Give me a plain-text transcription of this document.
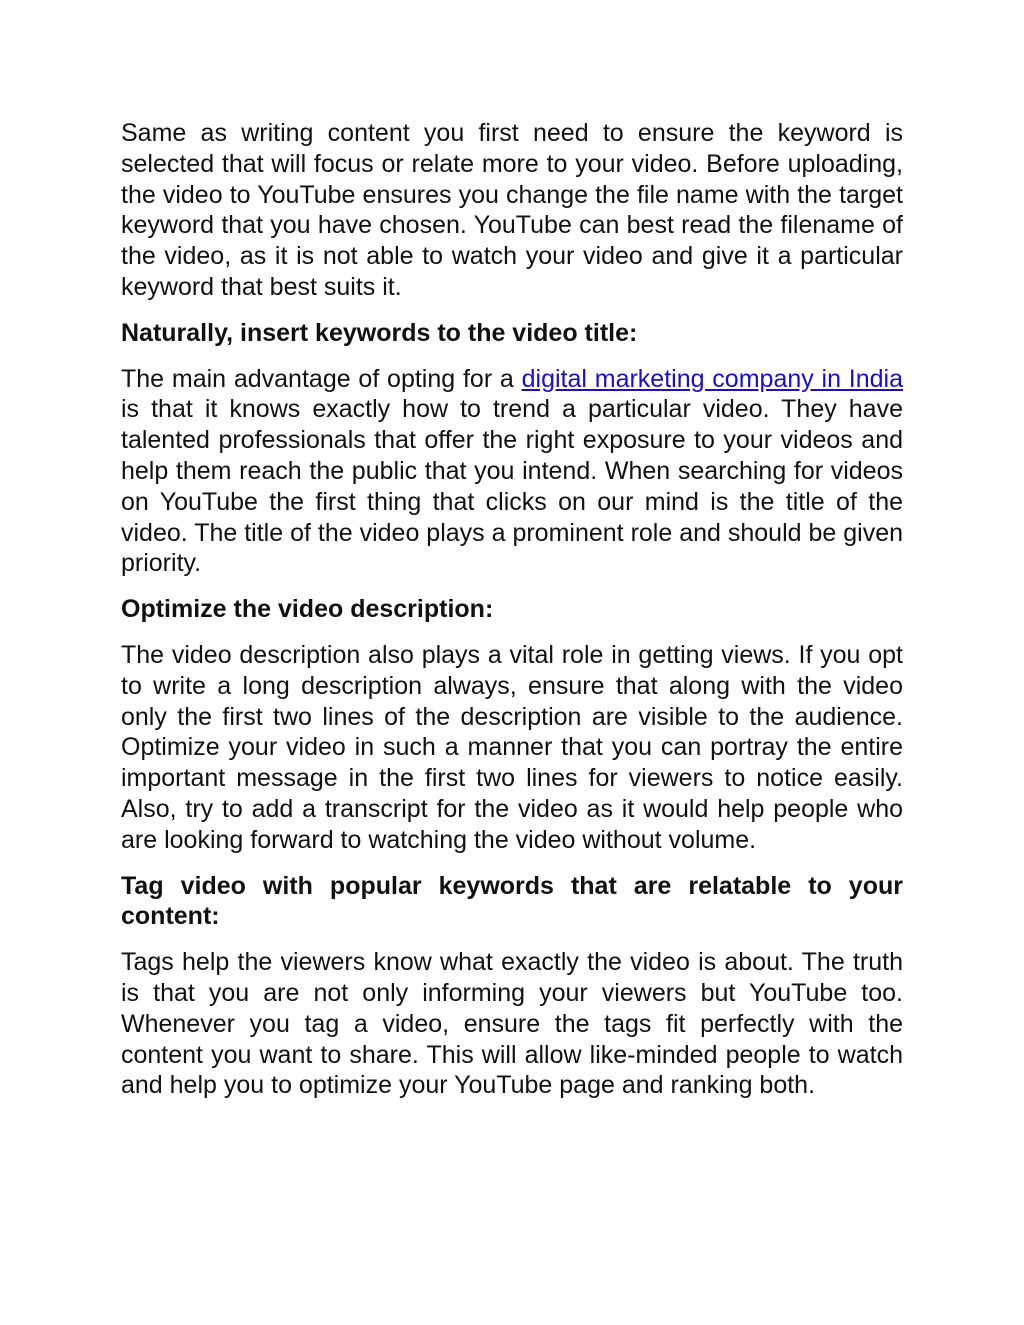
Same as writing content you first need to ensure the keyword is selected that will focus or relate more to your video. Before uploading, the video to YouTube ensures you change the file name with the target keyword that you have chosen. YouTube can best read the filename of the video, as it is not able to watch your video and give it a particular keyword that best suits it.

Naturally, insert keywords to the video title:

The main advantage of opting for a digital marketing company in India is that it knows exactly how to trend a particular video. They have talented professionals that offer the right exposure to your videos and help them reach the public that you intend. When searching for videos on YouTube the first thing that clicks on our mind is the title of the video. The title of the video plays a prominent role and should be given priority.

Optimize the video description:

The video description also plays a vital role in getting views. If you opt to write a long description always, ensure that along with the video only the first two lines of the description are visible to the audience. Optimize your video in such a manner that you can portray the entire important message in the first two lines for viewers to notice easily. Also, try to add a transcript for the video as it would help people who are looking forward to watching the video without volume.

Tag video with popular keywords that are relatable to your content:

Tags help the viewers know what exactly the video is about. The truth is that you are not only informing your viewers but YouTube too. Whenever you tag a video, ensure the tags fit perfectly with the content you want to share. This will allow like-minded people to watch and help you to optimize your YouTube page and ranking both.
